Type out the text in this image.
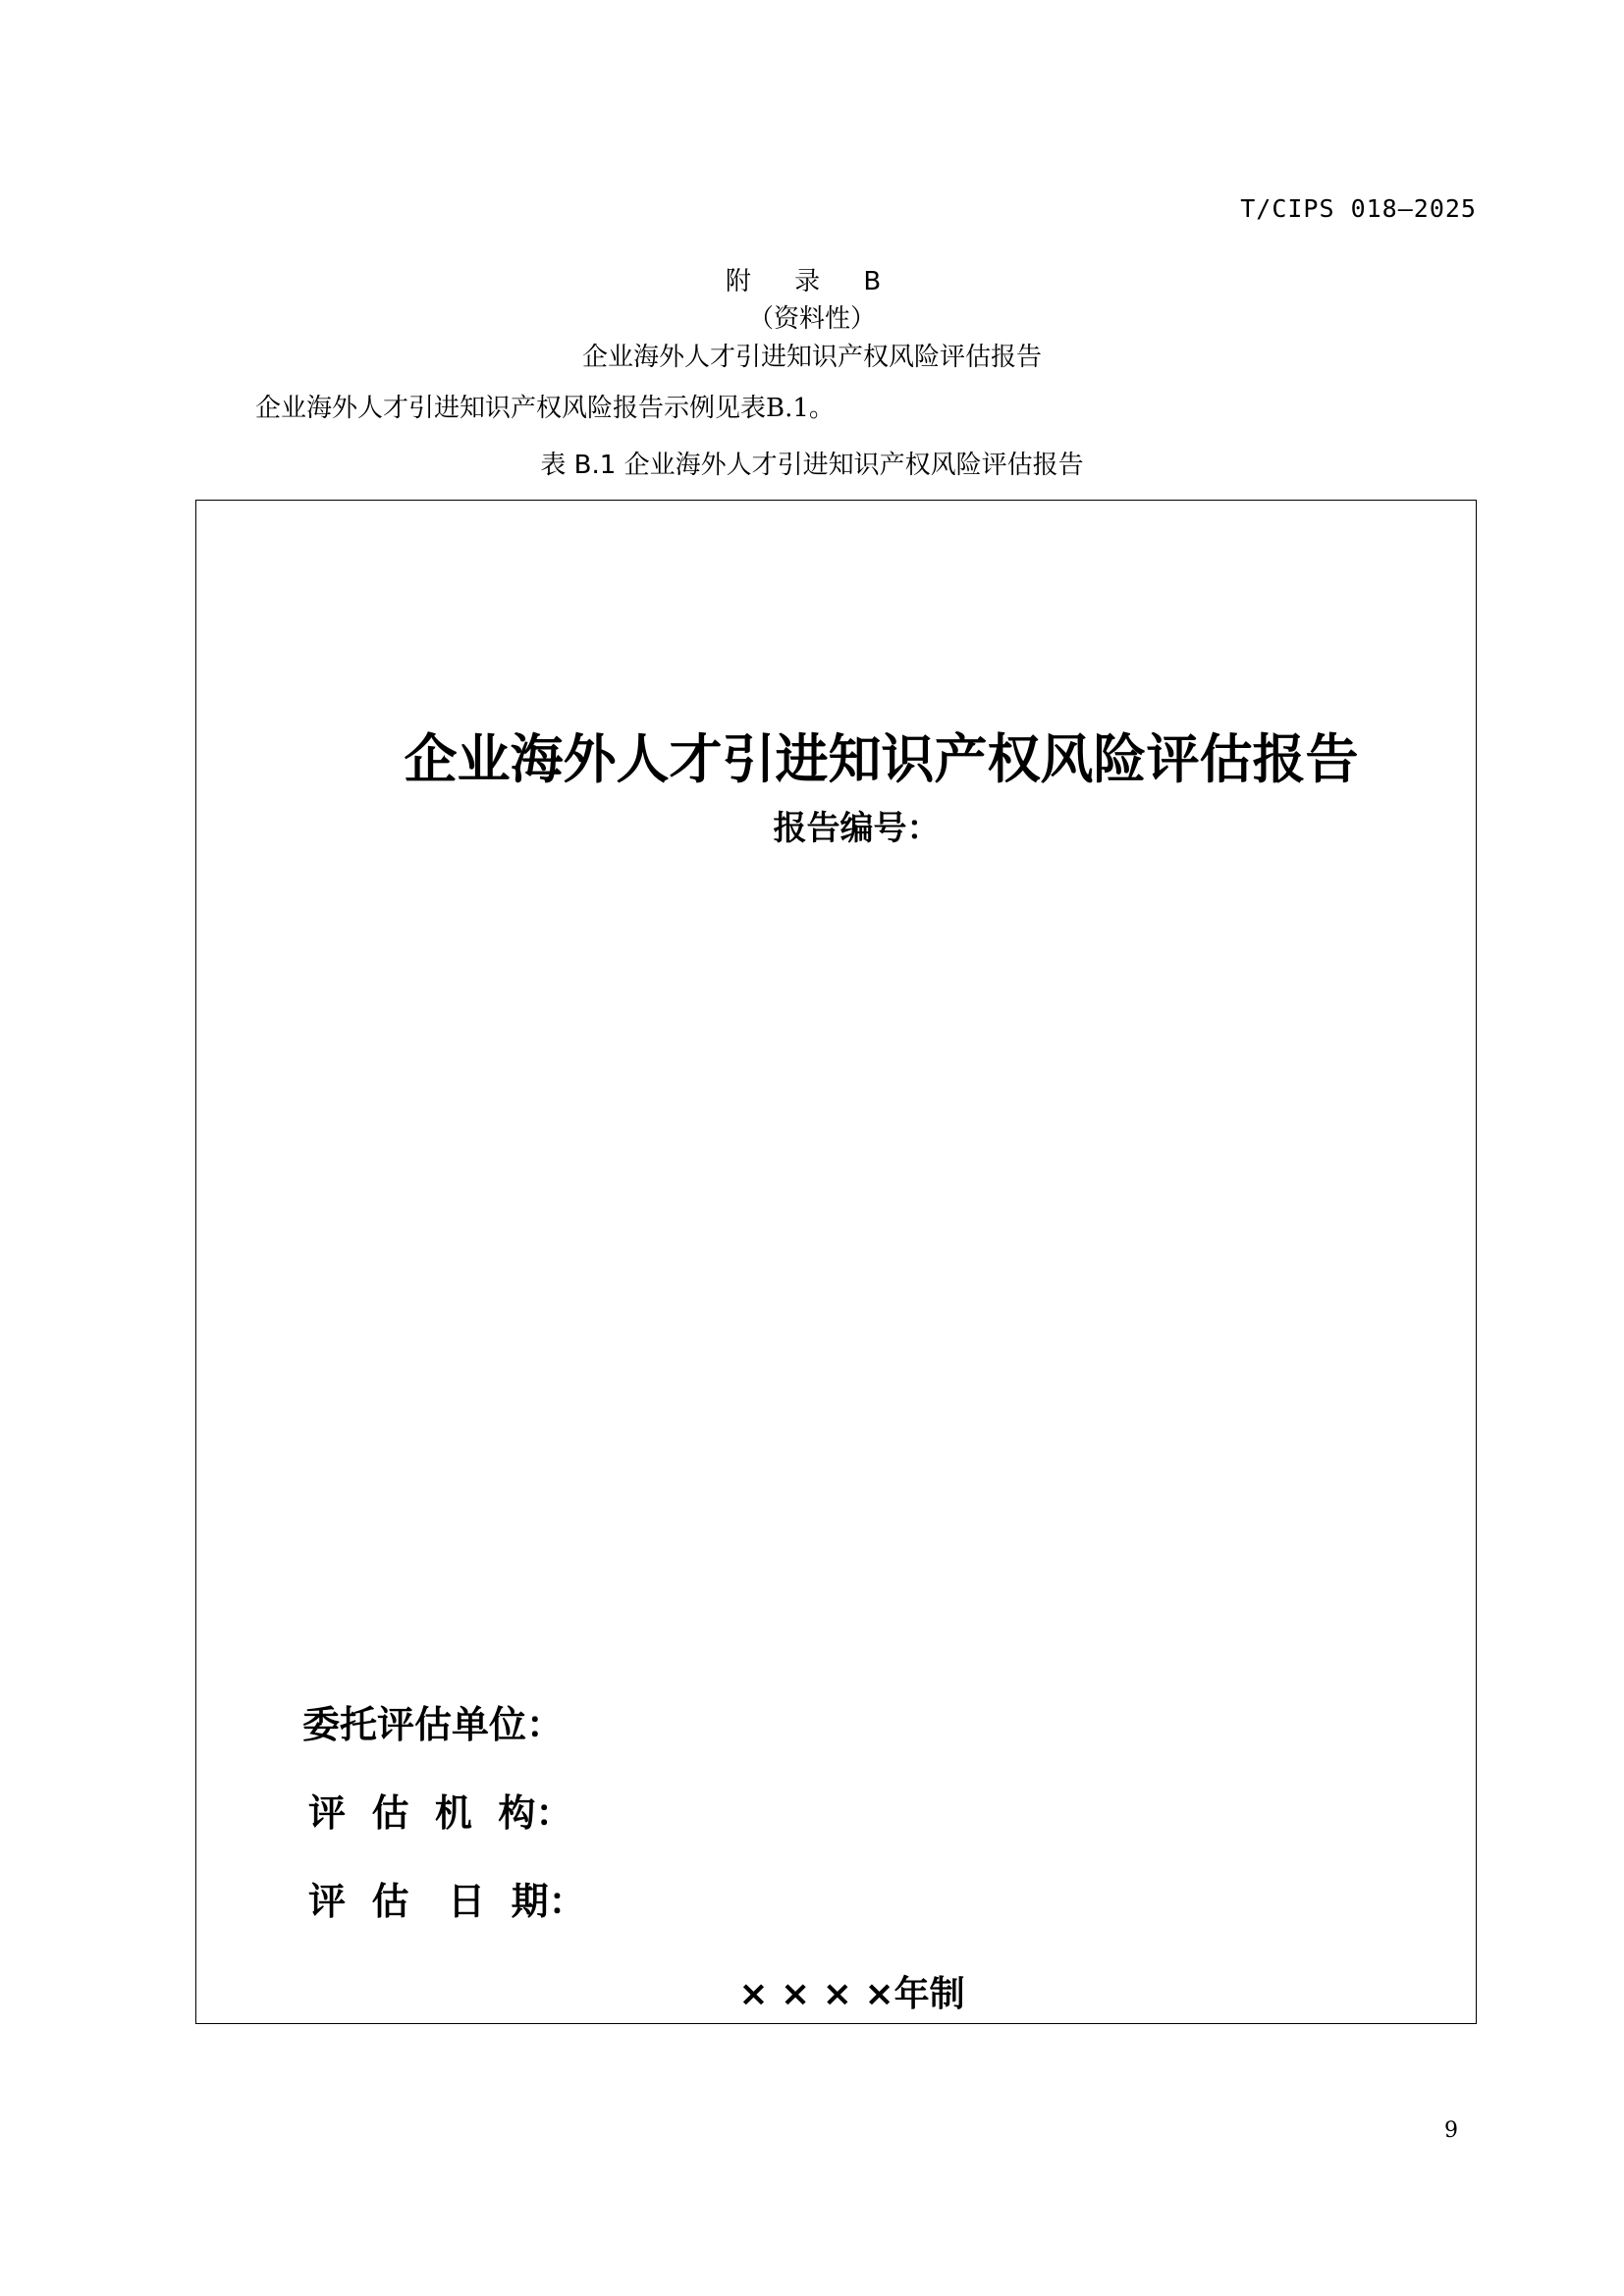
T/CIPS 018—2025
附 录 B
（资料性）
企业海外人才引进知识产权风险评估报告
企业海外人才引进知识产权风险报告示例见表B.1。
表 B.1 企业海外人才引进知识产权风险评估报告
企业海外人才引进知识产权风险评估报告
报告编号：
委托评估单位：
评  估  机  构：
评  估   日  期：
× × × ×年制
9
